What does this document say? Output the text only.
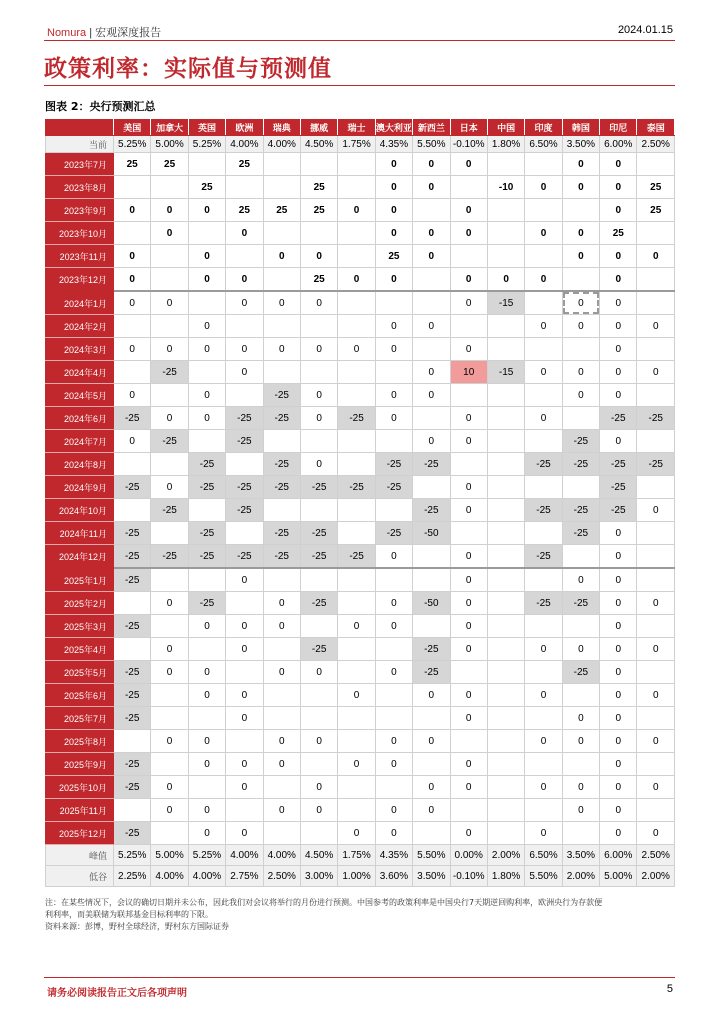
Nomura | 宏观深度报告	2024.01.15
政策利率：实际值与预测值
图表 2：央行预测汇总
	美国	加拿大	英国	欧洲	瑞典	挪威	瑞士	澳大利亚	新西兰	日本	中国	印度	韩国	印尼	泰国
当前	5.25%	5.00%	5.25%	4.00%	4.00%	4.50%	1.75%	4.35%	5.50%	-0.10%	1.80%	6.50%	3.50%	6.00%	2.50%
2023年7月	25	25		25				0	0	0			0	0	
2023年8月			25			25		0	0		-10	0	0	0	25
2023年9月	0	0	0	25	25	25	0	0		0				0	25
2023年10月		0		0				0	0	0		0	0	25	
2023年11月	0		0		0	0		25	0				0	0	0
2023年12月	0		0	0		25	0	0		0	0	0		0	
2024年1月	0	0		0	0	0				0	-15		0	0	
2024年2月			0					0	0			0	0	0	0
2024年3月	0	0	0	0	0	0	0	0		0				0	
2024年4月		-25		0					0	10	-15	0	0	0	0
2024年5月	0		0		-25	0		0	0				0	0	
2024年6月	-25	0	0	-25	-25	0	-25	0		0		0		-25	-25
2024年7月	0	-25		-25					0	0			-25	0	
2024年8月			-25		-25	0		-25	-25			-25	-25	-25	-25
2024年9月	-25	0	-25	-25	-25	-25	-25	-25		0				-25	
2024年10月		-25		-25					-25	0		-25	-25	-25	0
2024年11月	-25		-25		-25	-25		-25	-50				-25	0	
2024年12月	-25	-25	-25	-25	-25	-25	-25	0		0		-25		0	
2025年1月	-25			0						0			0	0	
2025年2月		0	-25		0	-25		0	-50	0		-25	-25	0	0
2025年3月	-25		0	0	0		0	0		0				0	
2025年4月		0		0		-25			-25	0		0	0	0	0
2025年5月	-25	0	0		0	0		0	-25				-25	0	
2025年6月	-25		0	0			0		0	0		0		0	0
2025年7月	-25			0						0			0	0	
2025年8月		0	0		0	0		0	0			0	0	0	0
2025年9月	-25		0	0	0		0	0		0				0	
2025年10月	-25	0		0		0			0	0		0	0	0	0
2025年11月		0	0		0	0		0	0				0	0	
2025年12月	-25		0	0			0	0		0		0		0	0
峰值	5.25%	5.00%	5.25%	4.00%	4.00%	4.50%	1.75%	4.35%	5.50%	0.00%	2.00%	6.50%	3.50%	6.00%	2.50%
低谷	2.25%	4.00%	4.00%	2.75%	2.50%	3.00%	1.00%	3.60%	3.50%	-0.10%	1.80%	5.50%	2.00%	5.00%	2.00%
注：在某些情况下，会议的确切日期并未公布，因此我们对会议将举行的月份进行预测。中国参考的政策利率是中国央行7天期逆回购利率，欧洲央行为存款便
利利率，而美联储为联邦基金目标利率的下限。
资料来源：彭博，野村全球经济，野村东方国际证券
请务必阅读报告正文后各项声明	5
